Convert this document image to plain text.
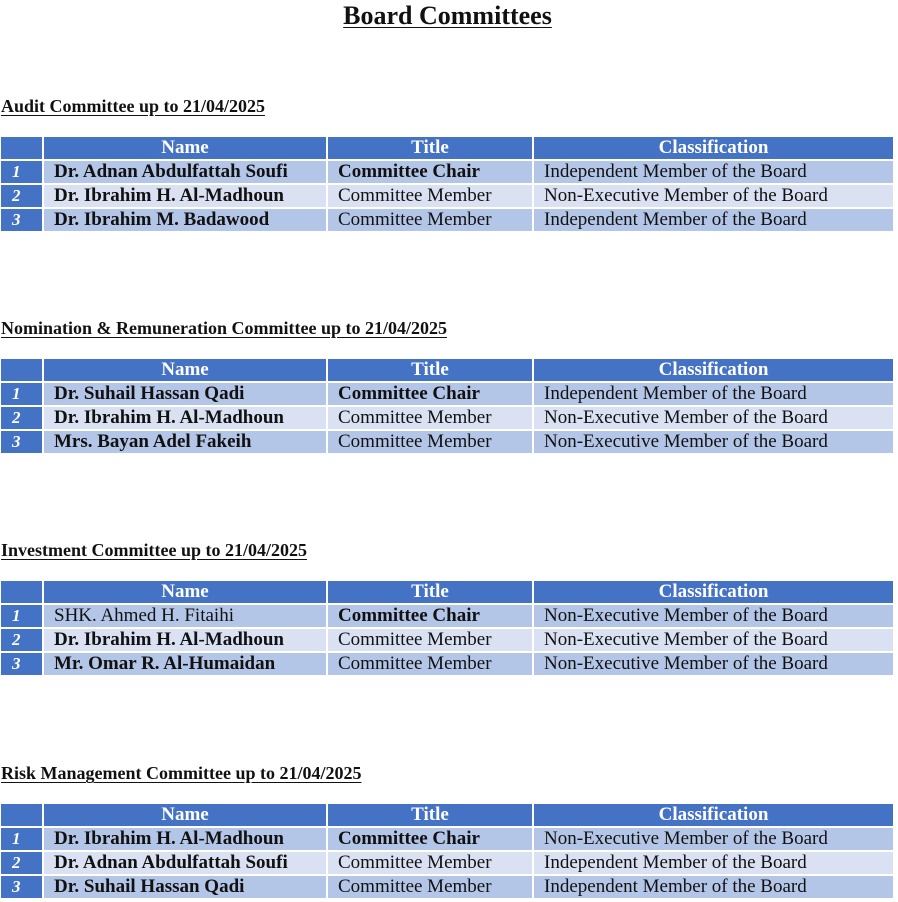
Board Committees
Audit Committee up to 21/04/2025
	Name	Title	Classification
1	Dr. Adnan Abdulfattah Soufi	Committee Chair	Independent Member of the Board
2	Dr. Ibrahim H. Al-Madhoun	Committee Member	Non-Executive Member of the Board
3	Dr. Ibrahim M. Badawood	Committee Member	Independent Member of the Board
Nomination & Remuneration Committee up to 21/04/2025
	Name	Title	Classification
1	Dr. Suhail Hassan Qadi	Committee Chair	Independent Member of the Board
2	Dr. Ibrahim H. Al-Madhoun	Committee Member	Non-Executive Member of the Board
3	Mrs. Bayan Adel Fakeih	Committee Member	Non-Executive Member of the Board
Investment Committee up to 21/04/2025
	Name	Title	Classification
1	SHK. Ahmed H. Fitaihi	Committee Chair	Non-Executive Member of the Board
2	Dr. Ibrahim H. Al-Madhoun	Committee Member	Non-Executive Member of the Board
3	Mr. Omar R. Al-Humaidan	Committee Member	Non-Executive Member of the Board
Risk Management Committee up to 21/04/2025
	Name	Title	Classification
1	Dr. Ibrahim H. Al-Madhoun	Committee Chair	Non-Executive Member of the Board
2	Dr. Adnan Abdulfattah Soufi	Committee Member	Independent Member of the Board
3	Dr. Suhail Hassan Qadi	Committee Member	Independent Member of the Board
